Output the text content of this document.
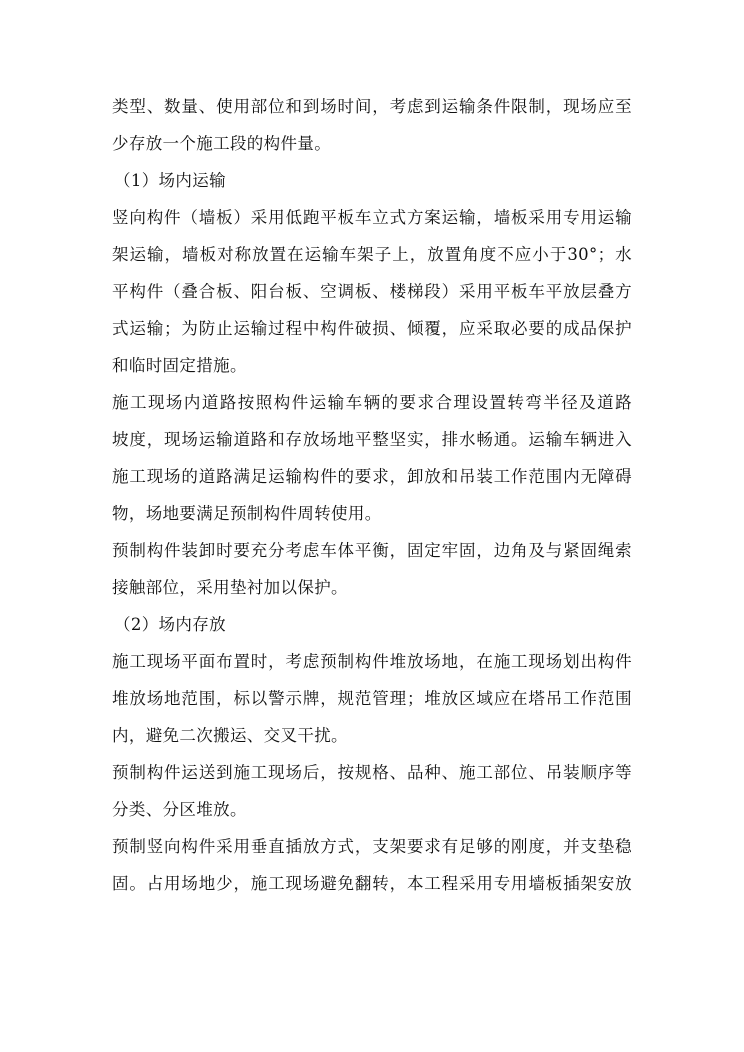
类型、数量、使用部位和到场时间，考虑到运输条件限制，现场应至
少存放一个施工段的构件量。
（1）场内运输
竖向构件（墙板）采用低跑平板车立式方案运输，墙板采用专用运输
架运输，墙板对称放置在运输车架子上，放置角度不应小于30°；水
平构件（叠合板、阳台板、空调板、楼梯段）采用平板车平放层叠方
式运输；为防止运输过程中构件破损、倾覆，应采取必要的成品保护
和临时固定措施。
施工现场内道路按照构件运输车辆的要求合理设置转弯半径及道路
坡度，现场运输道路和存放场地平整坚实，排水畅通。运输车辆进入
施工现场的道路满足运输构件的要求，卸放和吊装工作范围内无障碍
物，场地要满足预制构件周转使用。
预制构件装卸时要充分考虑车体平衡，固定牢固，边角及与紧固绳索
接触部位，采用垫衬加以保护。
（2）场内存放
施工现场平面布置时，考虑预制构件堆放场地，在施工现场划出构件
堆放场地范围，标以警示牌，规范管理；堆放区域应在塔吊工作范围
内，避免二次搬运、交叉干扰。
预制构件运送到施工现场后，按规格、品种、施工部位、吊装顺序等
分类、分区堆放。
预制竖向构件采用垂直插放方式，支架要求有足够的刚度，并支垫稳
固。占用场地少，施工现场避免翻转，本工程采用专用墙板插架安放
